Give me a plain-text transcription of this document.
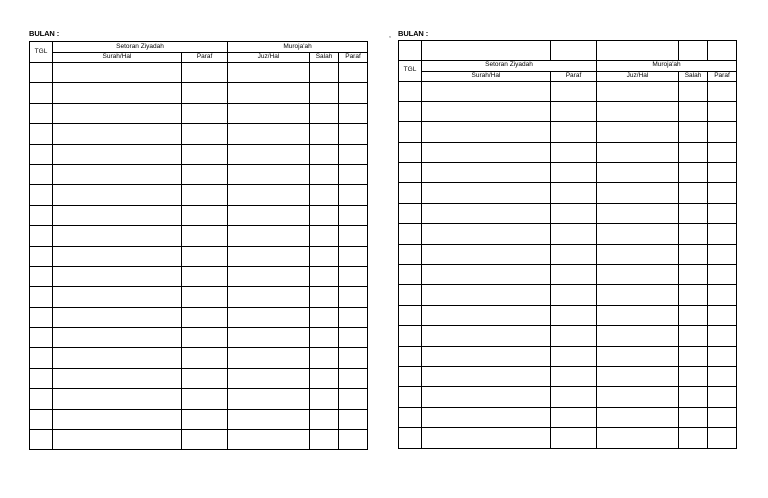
BULAN :
TGL	Setoran Ziyadah		Muroja'ah		
	Surah/Hal	Paraf	Juz/Hal	Salah	Paraf

, BULAN :

TGL	Setoran Ziyadah		Muroja'ah		
	Surah/Hal	Paraf	Juz/Hal	Salah	Paraf
